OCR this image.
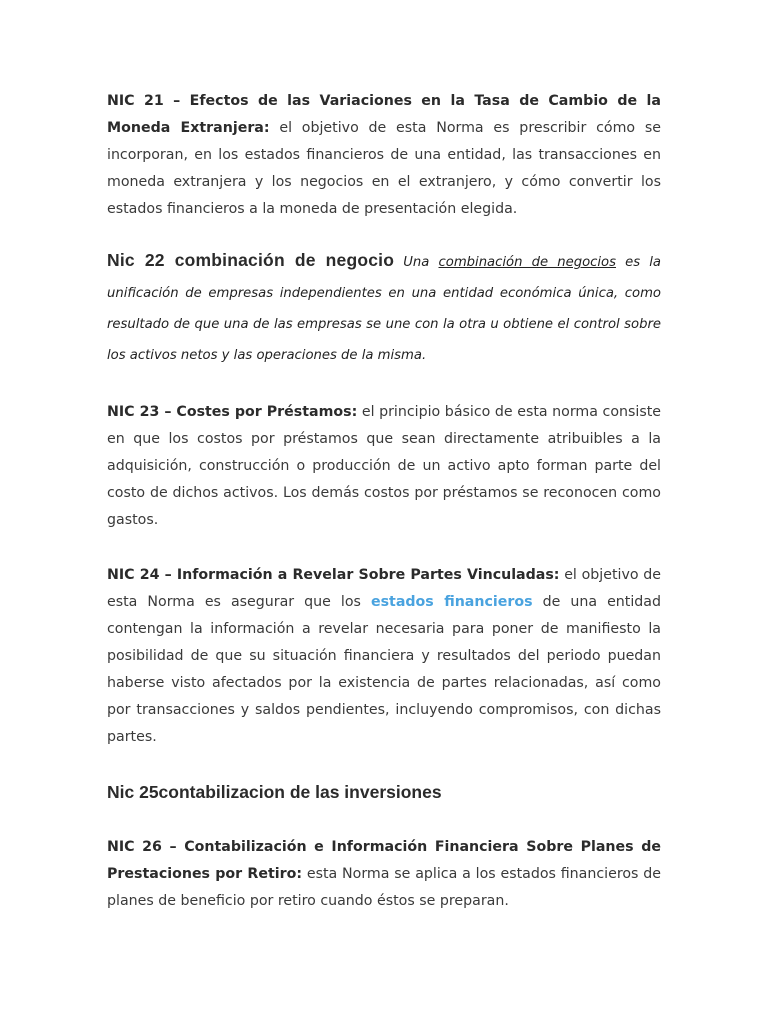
NIC 21 – Efectos de las Variaciones en la Tasa de Cambio de la Moneda Extranjera: el objetivo de esta Norma es prescribir cómo se incorporan, en los estados financieros de una entidad, las transacciones en moneda extranjera y los negocios en el extranjero, y cómo convertir los estados financieros a la moneda de presentación elegida.

Nic 22 combinación de negocio Una combinación de negocios es la unificación de empresas independientes en una entidad económica única, como resultado de que una de las empresas se une con la otra u obtiene el control sobre los activos netos y las operaciones de la misma.

NIC 23 – Costes por Préstamos: el principio básico de esta norma consiste en que los costos por préstamos que sean directamente atribuibles a la adquisición, construcción o producción de un activo apto forman parte del costo de dichos activos. Los demás costos por préstamos se reconocen como gastos.

NIC 24 – Información a Revelar Sobre Partes Vinculadas: el objetivo de esta Norma es asegurar que los estados financieros de una entidad contengan la información a revelar necesaria para poner de manifiesto la posibilidad de que su situación financiera y resultados del periodo puedan haberse visto afectados por la existencia de partes relacionadas, así como por transacciones y saldos pendientes, incluyendo compromisos, con dichas partes.

Nic 25contabilizacion de las inversiones

NIC 26 – Contabilización e Información Financiera Sobre Planes de Prestaciones por Retiro: esta Norma se aplica a los estados financieros de planes de beneficio por retiro cuando éstos se preparan.
